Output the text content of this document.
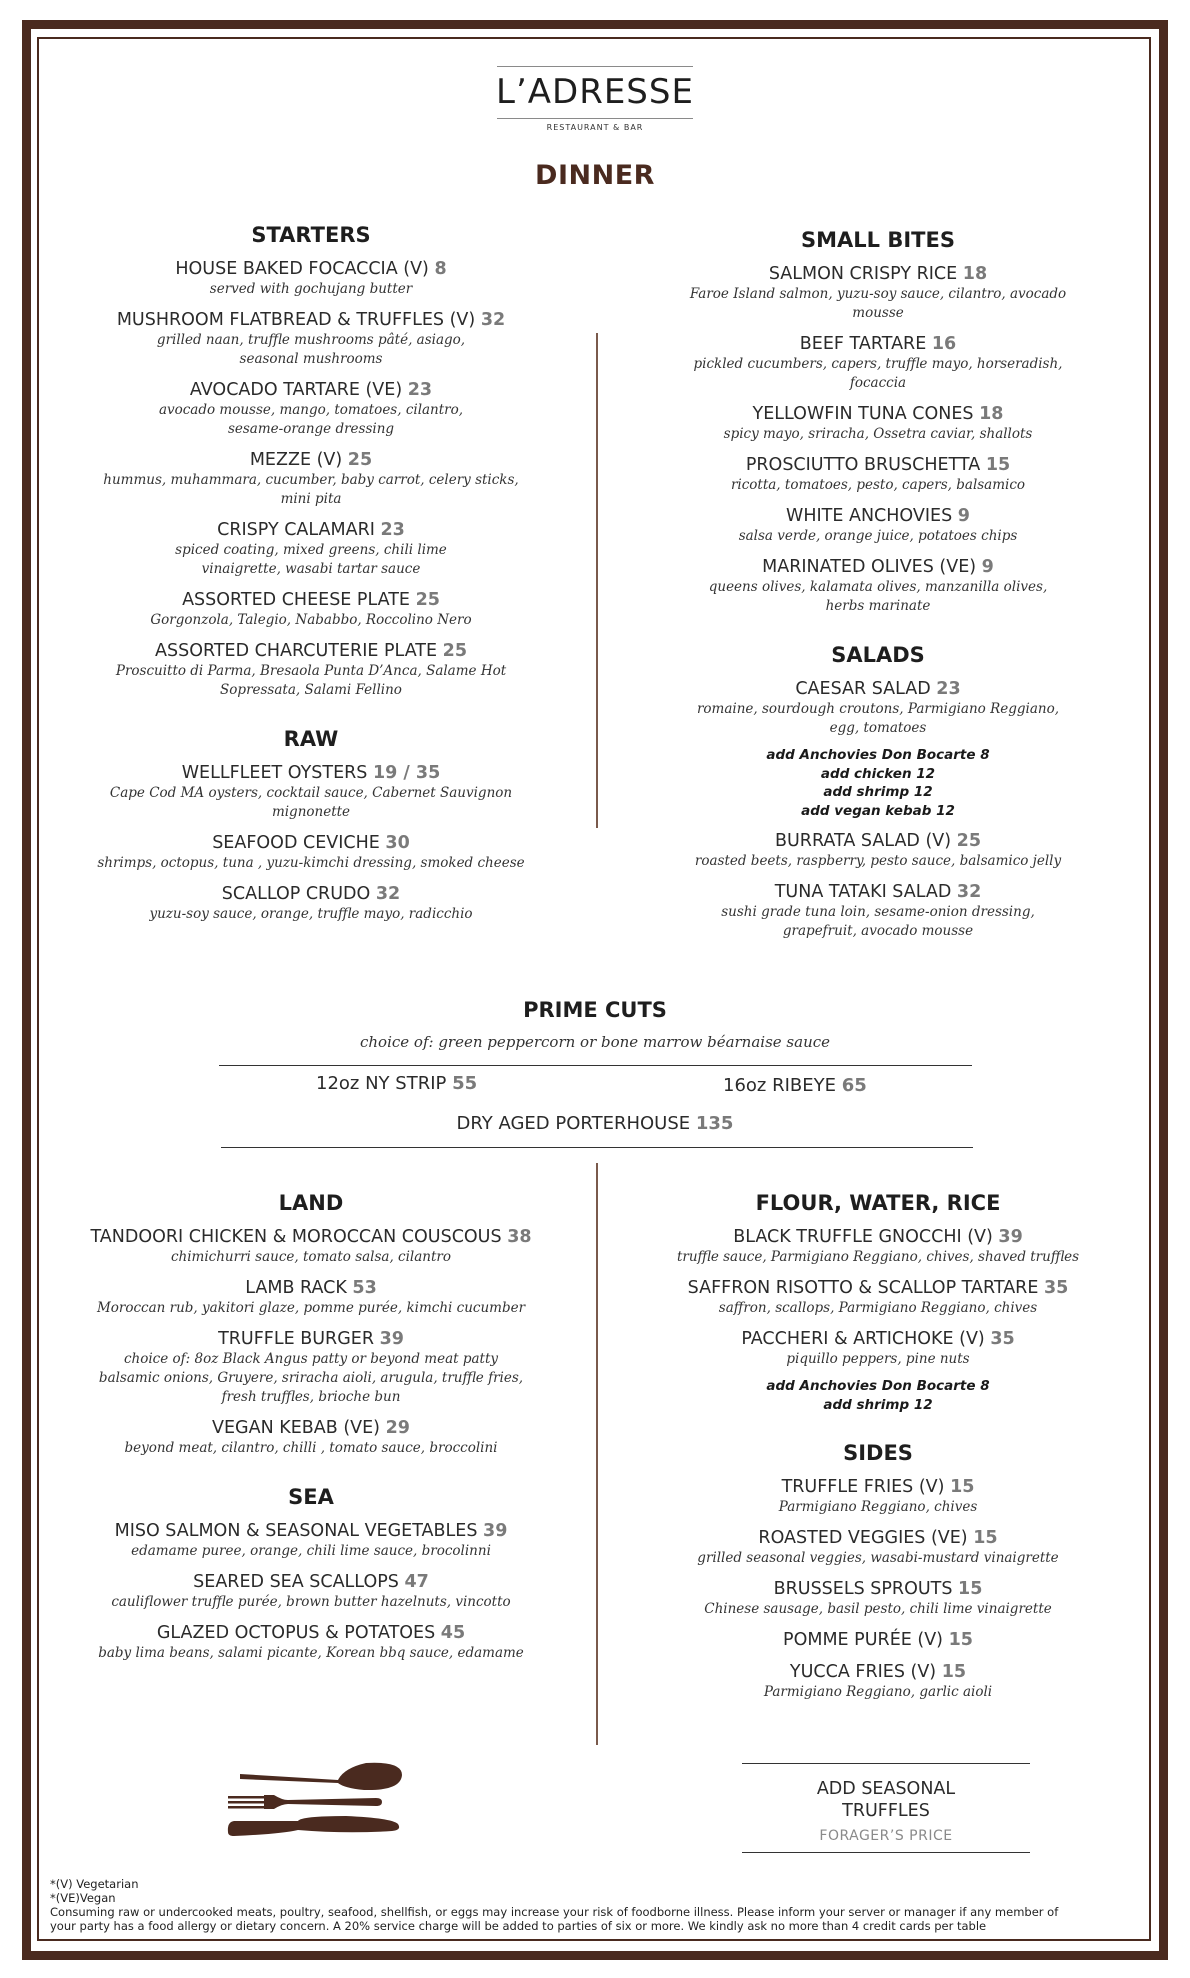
L’ADRESSE
RESTAURANT & BAR
DINNER
STARTERS
HOUSE BAKED FOCACCIA (V) 8
served with gochujang butter
MUSHROOM FLATBREAD & TRUFFLES (V) 32
grilled naan, truffle mushrooms pâté, asiago,
seasonal mushrooms
AVOCADO TARTARE (VE) 23
avocado mousse, mango, tomatoes, cilantro,
sesame-orange dressing
MEZZE (V) 25
hummus, muhammara, cucumber, baby carrot, celery sticks,
mini pita
CRISPY CALAMARI 23
spiced coating, mixed greens, chili lime
vinaigrette, wasabi tartar sauce
ASSORTED CHEESE PLATE 25
Gorgonzola, Talegio, Nababbo, Roccolino Nero
ASSORTED CHARCUTERIE PLATE 25
Proscuitto di Parma, Bresaola Punta D’Anca, Salame Hot
Sopressata, Salami Fellino
RAW
WELLFLEET OYSTERS 19 / 35
Cape Cod MA oysters, cocktail sauce, Cabernet Sauvignon
mignonette
SEAFOOD CEVICHE 30
shrimps, octopus, tuna , yuzu-kimchi dressing, smoked cheese
SCALLOP CRUDO 32
yuzu-soy sauce, orange, truffle mayo, radicchio
SMALL BITES
SALMON CRISPY RICE 18
Faroe Island salmon, yuzu-soy sauce, cilantro, avocado
mousse
BEEF TARTARE 16
pickled cucumbers, capers, truffle mayo, horseradish,
focaccia
YELLOWFIN TUNA CONES 18
spicy mayo, sriracha, Ossetra caviar, shallots
PROSCIUTTO BRUSCHETTA 15
ricotta, tomatoes, pesto, capers, balsamico
WHITE ANCHOVIES 9
salsa verde, orange juice, potatoes chips
MARINATED OLIVES (VE) 9
queens olives, kalamata olives, manzanilla olives,
herbs marinate
SALADS
CAESAR SALAD 23
romaine, sourdough croutons, Parmigiano Reggiano,
egg, tomatoes
add Anchovies Don Bocarte 8
add chicken 12
add shrimp 12
add vegan kebab 12
BURRATA SALAD (V) 25
roasted beets, raspberry, pesto sauce, balsamico jelly
TUNA TATAKI SALAD 32
sushi grade tuna loin, sesame-onion dressing,
grapefruit, avocado mousse
PRIME CUTS
choice of: green peppercorn or bone marrow béarnaise sauce
12oz NY STRIP 55	16oz RIBEYE 65
DRY AGED PORTERHOUSE 135
LAND
TANDOORI CHICKEN & MOROCCAN COUSCOUS 38
chimichurri sauce, tomato salsa, cilantro
LAMB RACK 53
Moroccan rub, yakitori glaze, pomme purée, kimchi cucumber
TRUFFLE BURGER 39
choice of: 8oz Black Angus patty or beyond meat patty
balsamic onions, Gruyere, sriracha aioli, arugula, truffle fries,
fresh truffles, brioche bun
VEGAN KEBAB (VE) 29
beyond meat, cilantro, chilli , tomato sauce, broccolini
SEA
MISO SALMON & SEASONAL VEGETABLES 39
edamame puree, orange, chili lime sauce, brocolinni
SEARED SEA SCALLOPS 47
cauliflower truffle purée, brown butter hazelnuts, vincotto
GLAZED OCTOPUS & POTATOES 45
baby lima beans, salami picante, Korean bbq sauce, edamame
FLOUR, WATER, RICE
BLACK TRUFFLE GNOCCHI (V) 39
truffle sauce, Parmigiano Reggiano, chives, shaved truffles
SAFFRON RISOTTO & SCALLOP TARTARE 35
saffron, scallops, Parmigiano Reggiano, chives
PACCHERI & ARTICHOKE (V) 35
piquillo peppers, pine nuts
add Anchovies Don Bocarte 8
add shrimp 12
SIDES
TRUFFLE FRIES (V) 15
Parmigiano Reggiano, chives
ROASTED VEGGIES (VE) 15
grilled seasonal veggies, wasabi-mustard vinaigrette
BRUSSELS SPROUTS 15
Chinese sausage, basil pesto, chili lime vinaigrette
POMME PURÉE (V) 15
YUCCA FRIES (V) 15
Parmigiano Reggiano, garlic aioli
ADD SEASONAL
TRUFFLES
FORAGER’S PRICE
*(V) Vegetarian
*(VE)Vegan
Consuming raw or undercooked meats, poultry, seafood, shellfish, or eggs may increase your risk of foodborne illness. Please inform your server or manager if any member of
your party has a food allergy or dietary concern. A 20% service charge will be added to parties of six or more. We kindly ask no more than 4 credit cards per table
